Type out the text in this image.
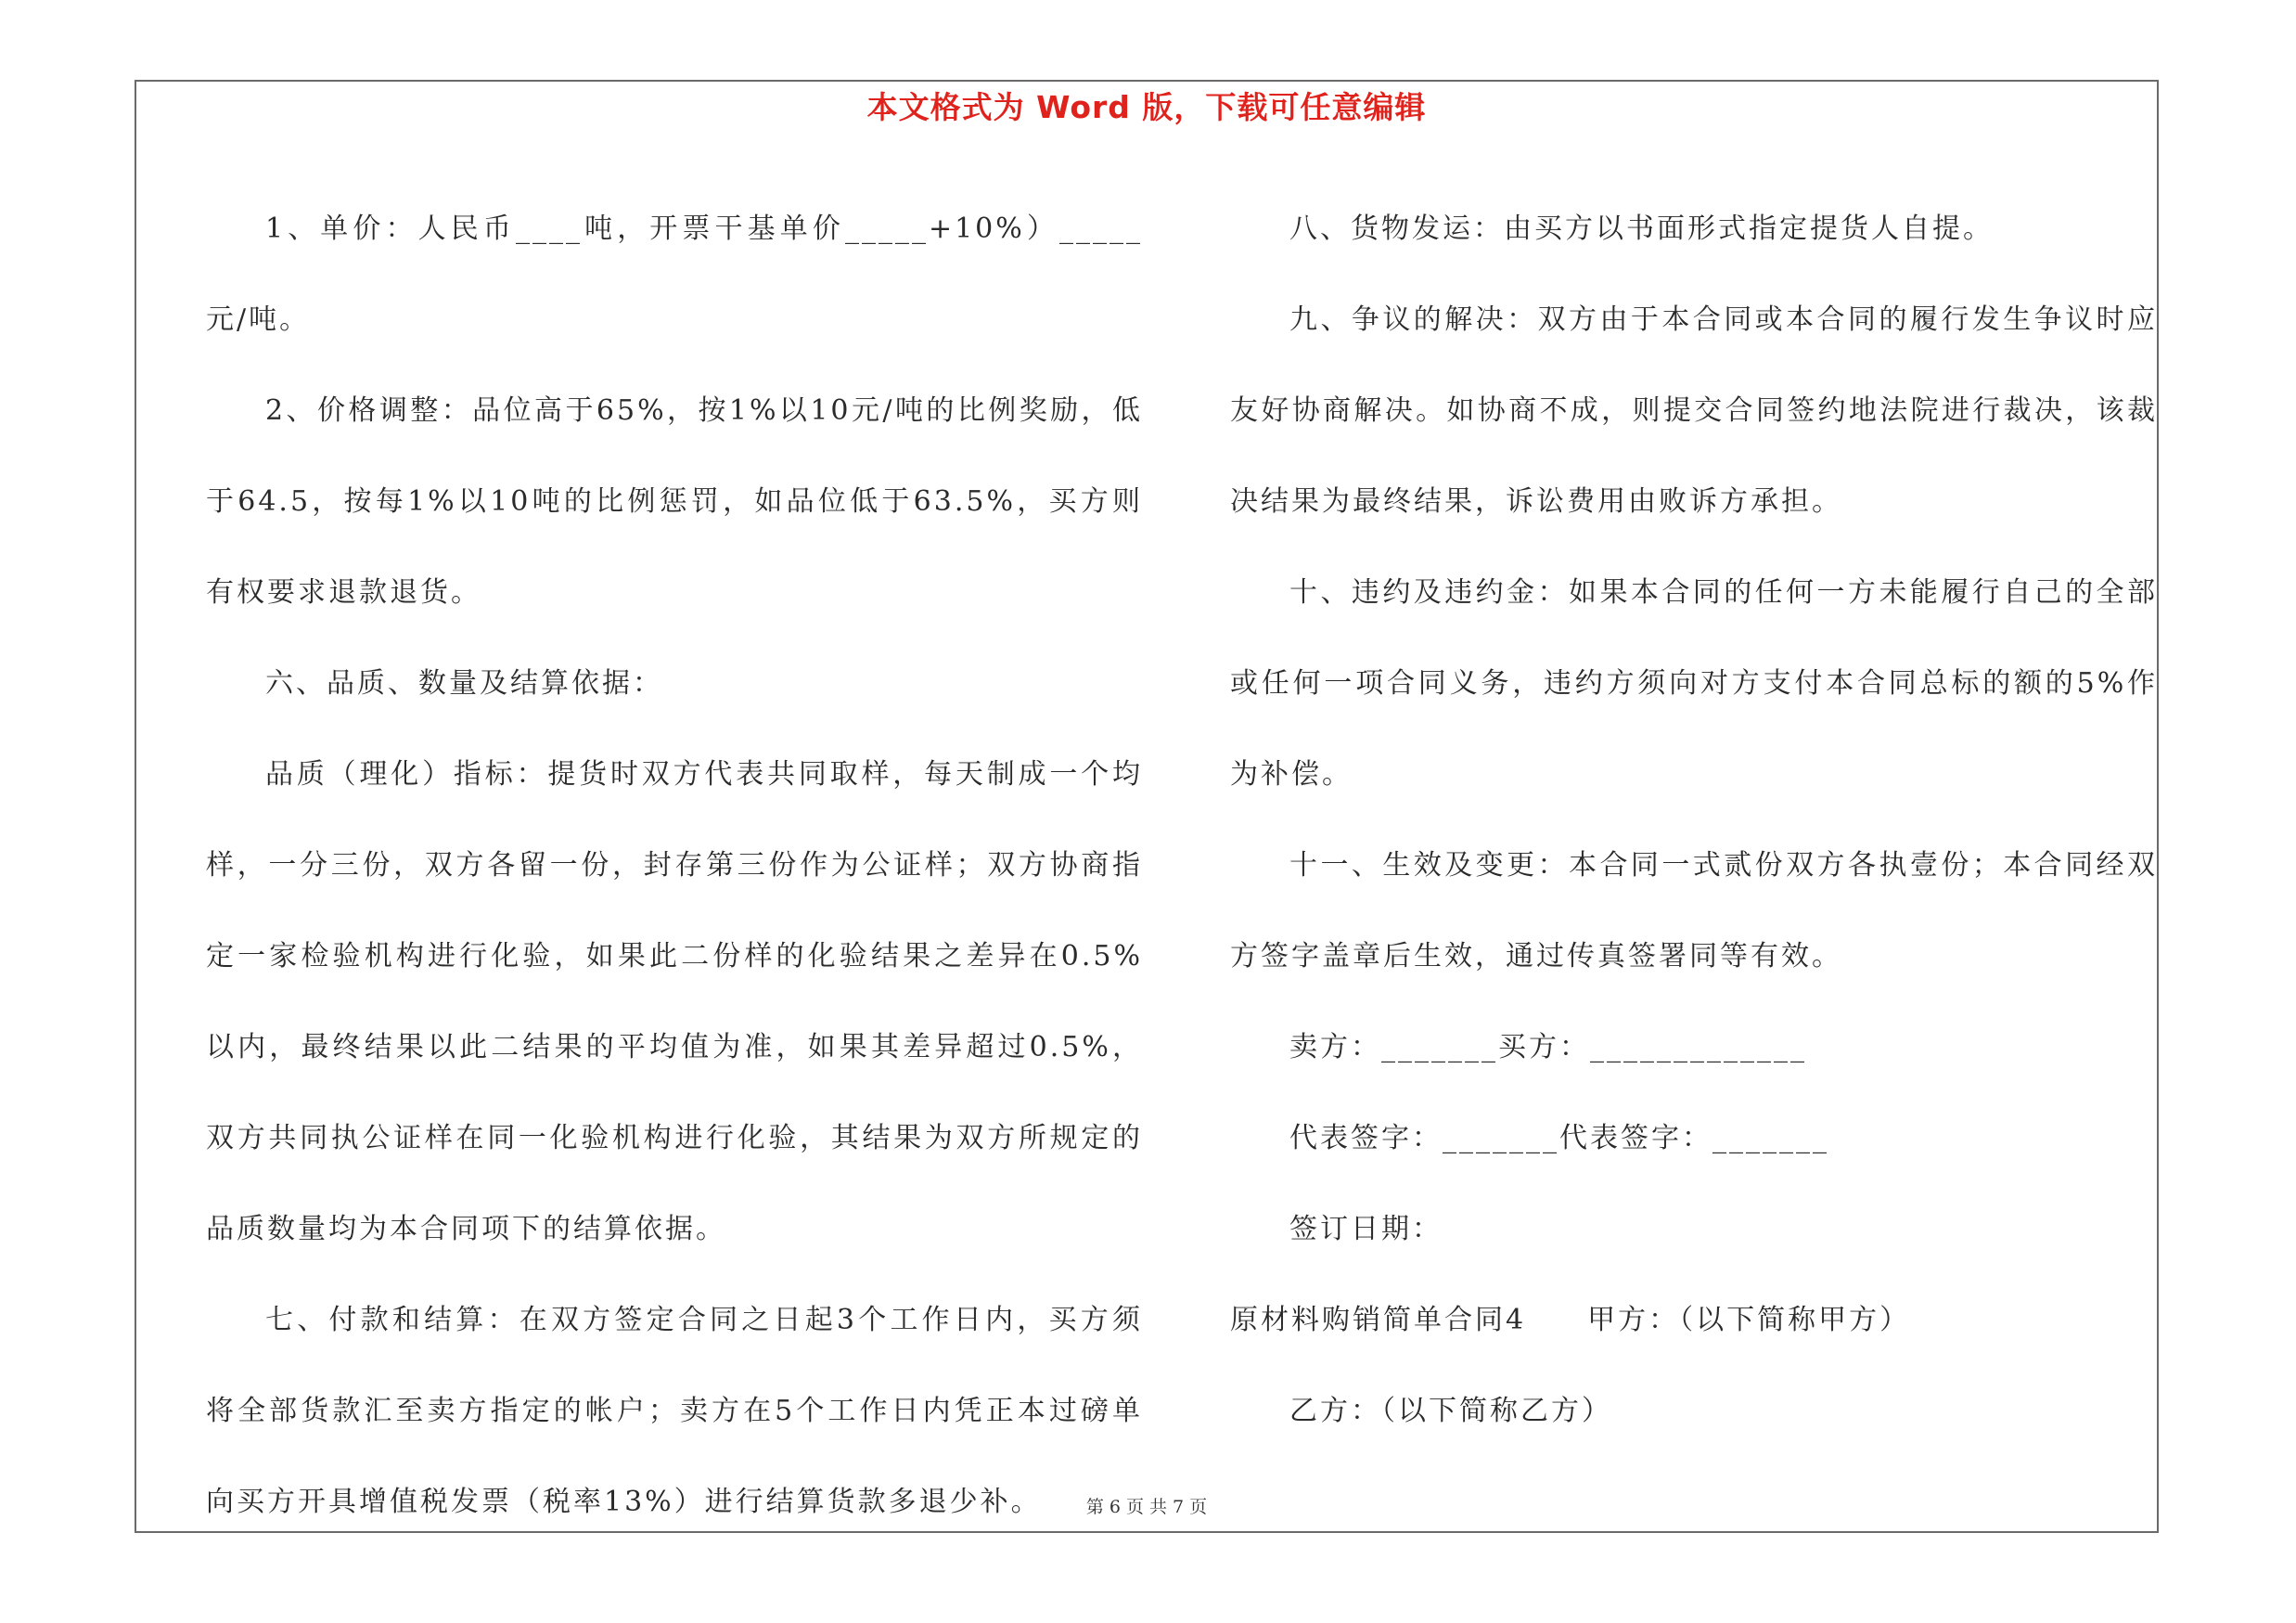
本文格式为 Word 版，下载可任意编辑

1、单价：人民币____吨，开票干基单价_____+10%）_____元/吨。

2、价格调整：品位高于65%，按1%以10元/吨的比例奖励，低于64.5，按每1%以10吨的比例惩罚，如品位低于63.5%，买方则有权要求退款退货。

六、品质、数量及结算依据：

品质（理化）指标：提货时双方代表共同取样，每天制成一个均样，一分三份，双方各留一份，封存第三份作为公证样；双方协商指定一家检验机构进行化验，如果此二份样的化验结果之差异在0.5%以内，最终结果以此二结果的平均值为准，如果其差异超过0.5%，双方共同执公证样在同一化验机构进行化验，其结果为双方所规定的品质数量均为本合同项下的结算依据。

七、付款和结算：在双方签定合同之日起3个工作日内，买方须将全部货款汇至卖方指定的帐户；卖方在5个工作日内凭正本过磅单向买方开具增值税发票（税率13%）进行结算货款多退少补。

八、货物发运：由买方以书面形式指定提货人自提。

九、争议的解决：双方由于本合同或本合同的履行发生争议时应友好协商解决。如协商不成，则提交合同签约地法院进行裁决，该裁决结果为最终结果，诉讼费用由败诉方承担。

十、违约及违约金：如果本合同的任何一方未能履行自己的全部或任何一项合同义务，违约方须向对方支付本合同总标的额的5%作为补偿。

十一、生效及变更：本合同一式贰份双方各执壹份；本合同经双方签字盖章后生效，通过传真签署同等有效。

卖方：_______买方：_____________

代表签字：_______代表签字：_______

签订日期：

原材料购销简单合同4　　甲方：（以下简称甲方）

乙方：（以下简称乙方）

第 6 页 共 7 页
